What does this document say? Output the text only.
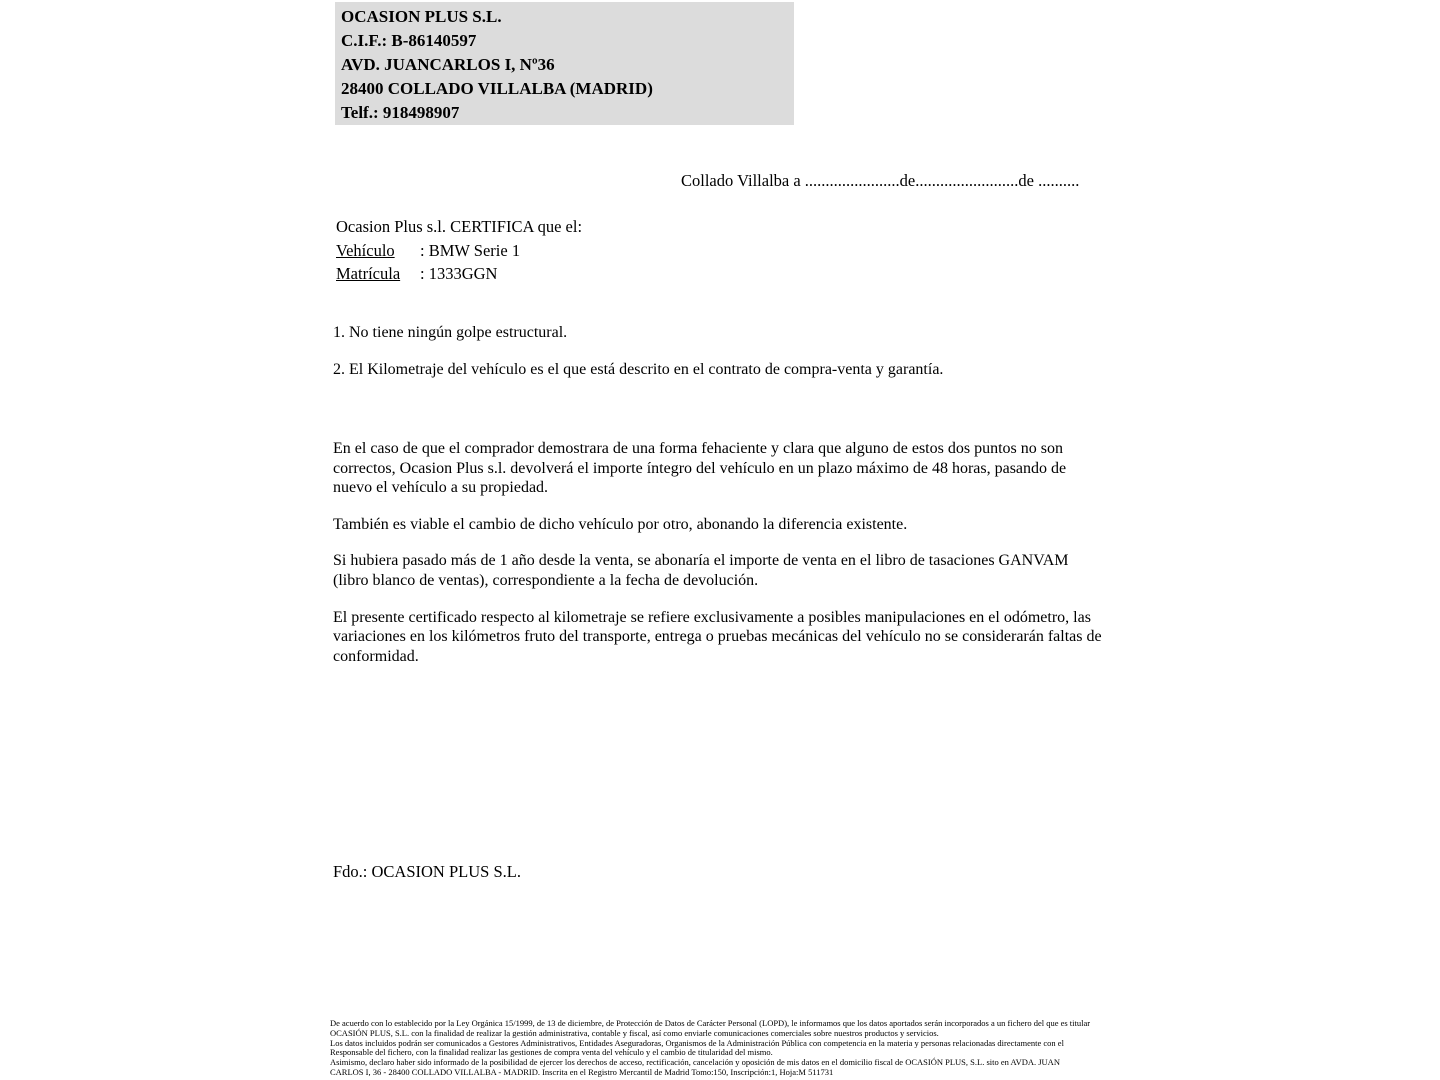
OCASION PLUS S.L.
C.I.F.: B-86140597
AVD. JUANCARLOS I, Nº36
28400 COLLADO VILLALBA (MADRID)
Telf.: 918498907
Collado Villalba a .......................de.........................de ..........
Ocasion Plus s.l. CERTIFICA que el:
Vehículo : BMW Serie 1
Matrícula : 1333GGN
1. No tiene ningún golpe estructural.
2. El Kilometraje del vehículo es el que está descrito en el contrato de compra-venta y garantía.

En el caso de que el comprador demostrara de una forma fehaciente y clara que alguno de estos dos puntos no son correctos, Ocasion Plus s.l. devolverá el importe íntegro del vehículo en un plazo máximo de 48 horas, pasando de nuevo el vehículo a su propiedad.

También es viable el cambio de dicho vehículo por otro, abonando la diferencia existente.

Si hubiera pasado más de 1 año desde la venta, se abonaría el importe de venta en el libro de tasaciones GANVAM (libro blanco de ventas), correspondiente a la fecha de devolución.

El presente certificado respecto al kilometraje se refiere exclusivamente a posibles manipulaciones en el odómetro, las variaciones en los kilómetros fruto del transporte, entrega o pruebas mecánicas del vehículo no se considerarán faltas de conformidad.

Fdo.: OCASION PLUS S.L.
De acuerdo con lo establecido por la Ley Orgánica 15/1999, de 13 de diciembre, de Protección de Datos de Carácter Personal (LOPD), le informamos que los datos aportados serán incorporados a un fichero del que es titular
OCASIÓN PLUS, S.L. con la finalidad de realizar la gestión administrativa, contable y fiscal, así como enviarle comunicaciones comerciales sobre nuestros productos y servicios.
Los datos incluidos podrán ser comunicados a Gestores Administrativos, Entidades Aseguradoras, Organismos de la Administración Pública con competencia en la materia y personas relacionadas directamente con el
Responsable del fichero, con la finalidad realizar las gestiones de compra venta del vehículo y el cambio de titularidad del mismo.
Asimismo, declaro haber sido informado de la posibilidad de ejercer los derechos de acceso, rectificación, cancelación y oposición de mis datos en el domicilio fiscal de OCASIÓN PLUS, S.L. sito en AVDA. JUAN
CARLOS I, 36 - 28400 COLLADO VILLALBA - MADRID. Inscrita en el Registro Mercantil de Madrid Tomo:150, Inscripción:1, Hoja:M 511731
